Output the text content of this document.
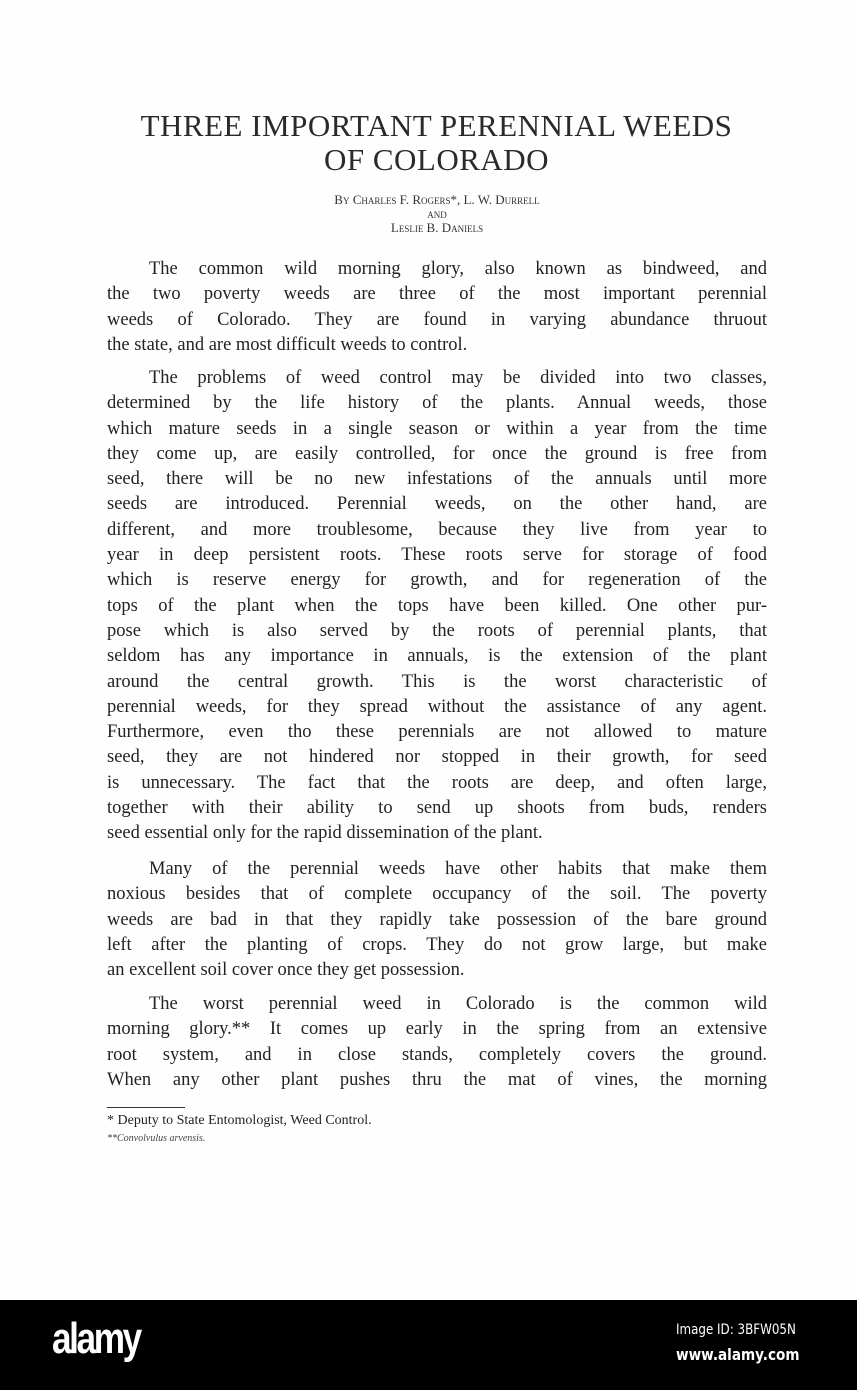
THREE IMPORTANT PERENNIAL WEEDS
OF COLORADO
By Charles F. Rogers*, L. W. Durrell
and
Leslie B. Daniels
The common wild morning glory, also known as bindweed, and
the two poverty weeds are three of the most important perennial
weeds of Colorado. They are found in varying abundance thruout
the state, and are most difficult weeds to control.
The problems of weed control may be divided into two classes,
determined by the life history of the plants. Annual weeds, those
which mature seeds in a single season or within a year from the time
they come up, are easily controlled, for once the ground is free from
seed, there will be no new infestations of the annuals until more
seeds are introduced. Perennial weeds, on the other hand, are
different, and more troublesome, because they live from year to
year in deep persistent roots. These roots serve for storage of food
which is reserve energy for growth, and for regeneration of the
tops of the plant when the tops have been killed. One other pur-
pose which is also served by the roots of perennial plants, that
seldom has any importance in annuals, is the extension of the plant
around the central growth. This is the worst characteristic of
perennial weeds, for they spread without the assistance of any agent.
Furthermore, even tho these perennials are not allowed to mature
seed, they are not hindered nor stopped in their growth, for seed
is unnecessary. The fact that the roots are deep, and often large,
together with their ability to send up shoots from buds, renders
seed essential only for the rapid dissemination of the plant.
Many of the perennial weeds have other habits that make them
noxious besides that of complete occupancy of the soil. The poverty
weeds are bad in that they rapidly take possession of the bare ground
left after the planting of crops. They do not grow large, but make
an excellent soil cover once they get possession.
The worst perennial weed in Colorado is the common wild
morning glory.** It comes up early in the spring from an extensive
root system, and in close stands, completely covers the ground.
When any other plant pushes thru the mat of vines, the morning
* Deputy to State Entomologist, Weed Control.
**Convolvulus arvensis.
alamy	Image ID: 3BFW05N
www.alamy.com
